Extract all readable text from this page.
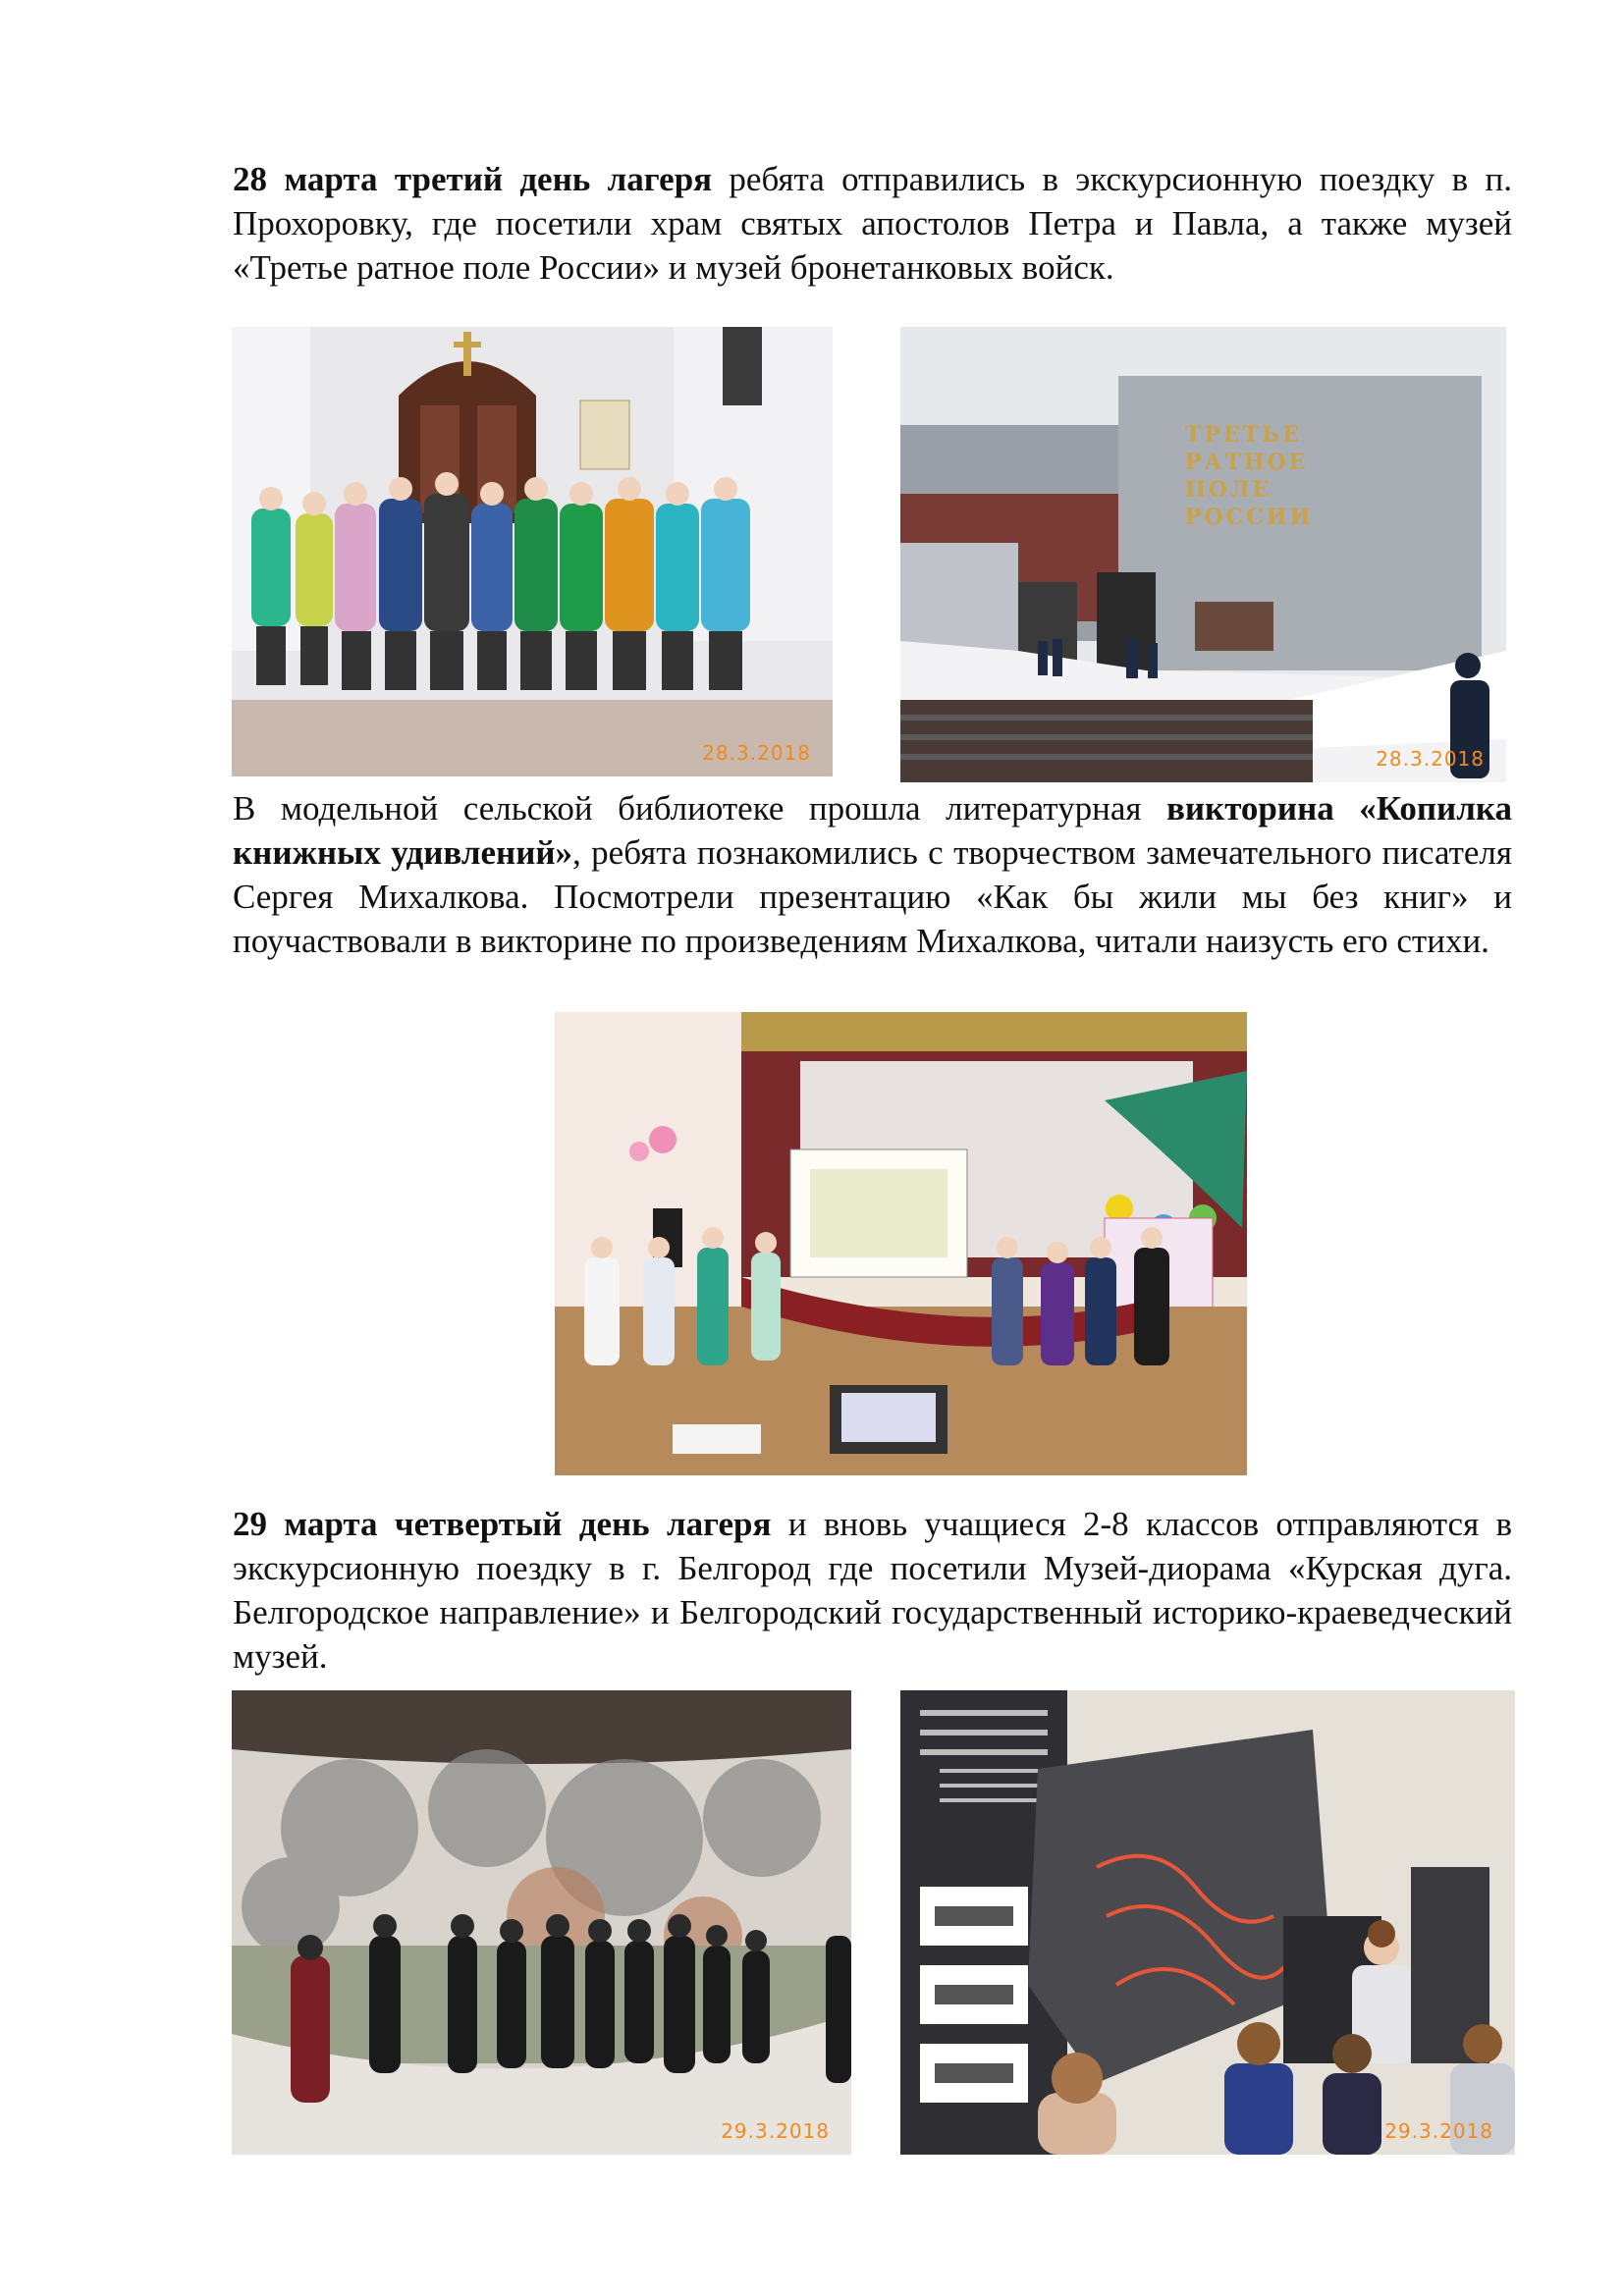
28 марта третий день лагеря ребята отправились в экскурсионную поездку в п. Прохоровку, где посетили храм святых апостолов Петра и Павла, а также музей «Третье ратное поле России» и музей бронетанковых войск.

28.3.2018
ТРЕТЬЕ РАТНОЕ ПОЛЕ РОССИИ
28.3.2018

В модельной сельской библиотеке прошла литературная викторина «Копилка книжных удивлений», ребята познакомились с творчеством замечательного писателя Сергея Михалкова. Посмотрели презентацию «Как бы жили мы без книг» и поучаствовали в викторине по произведениям Михалкова, читали наизусть его стихи.

29 марта четвертый день лагеря и вновь учащиеся 2-8 классов отправляются в экскурсионную поездку в г. Белгород где посетили Музей-диорама «Курская дуга. Белгородское направление» и Белгородский государственный историко-краеведческий музей.

29.3.2018	29.3.2018
